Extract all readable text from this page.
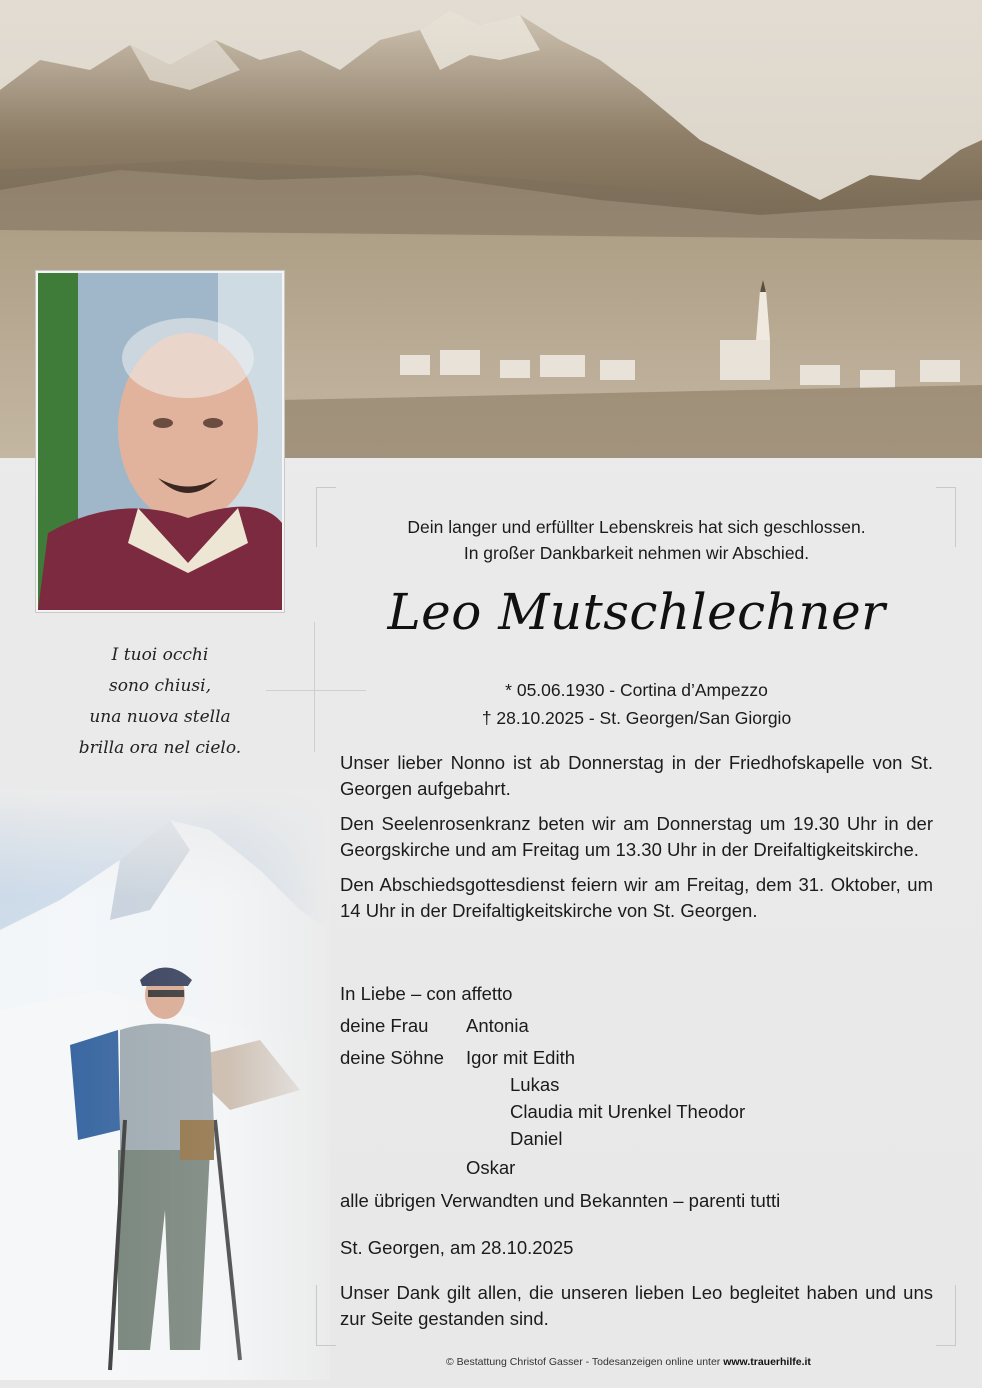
I tuoi occhi
sono chiusi,
una nuova stella
brilla ora nel cielo.
Dein langer und erfüllter Lebenskreis hat sich geschlossen.
In großer Dankbarkeit nehmen wir Abschied.
Leo Mutschlechner
* 05.06.1930 - Cortina d’Ampezzo
† 28.10.2025 - St. Georgen/San Giorgio

Unser lieber Nonno ist ab Donnerstag in der Friedhofskapelle von St. Georgen aufgebahrt.

Den Seelenrosenkranz beten wir am Donnerstag um 19.30 Uhr in der Georgskirche und am Freitag um 13.30 Uhr in der Dreifaltigkeitskirche.

Den Abschiedsgottesdienst feiern wir am Freitag, dem 31. Oktober, um 14 Uhr in der Dreifaltigkeitskirche von St. Georgen.

In Liebe – con affetto
deine Frau Antonia
deine Söhne Igor mit Edith
Lukas
Claudia mit Urenkel Theodor
Daniel
Oskar
alle übrigen Verwandten und Bekannten – parenti tutti
St. Georgen, am 28.10.2025

Unser Dank gilt allen, die unseren lieben Leo begleitet haben und uns zur Seite gestanden sind.

© Bestattung Christof Gasser - Todesanzeigen online unter www.trauerhilfe.it
